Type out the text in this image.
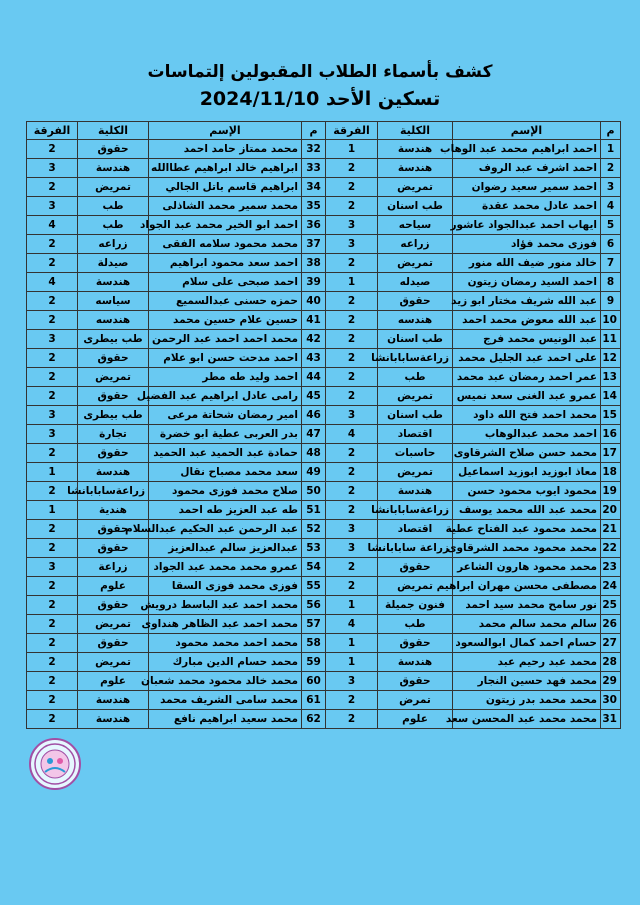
كشف بأسماء الطلاب المقبولين إلتماسات
تسكين الأحد 2024/11/10
م	الإسم	الكلية	الفرقة	م	الإسم	الكلية	الفرقة
1	احمد ابراهيم محمد عبد الوهاب	هندسة	1	32	محمد ممتاز حامد احمد	حقوق	2
2	احمد اشرف عبد الروف	هندسة	2	33	ابراهيم خالد ابراهيم عطاالله	هندسة	3
3	احمد سمير سعيد رضوان	تمريض	2	34	ابراهيم قاسم باتل الجالي	تمريض	2
4	احمد عادل محمد عقدة	طب اسنان	2	35	محمد سمير محمد الشاذلى	طب	3
5	ايهاب احمد عبدالجواد عاشور	سياحه	3	36	احمد ابو الخير محمد عبد الجواد	طب	4
6	فوزى محمد فؤاد	زراعه	3	37	محمد محمود سلامه الفقى	زراعه	2
7	خالد منور ضيف الله منور	تمريض	2	38	احمد سعد محمود ابراهيم	صيدلة	2
8	احمد السيد رمضان زيتون	صيدله	1	39	احمد صبحى على سلام	هندسة	4
9	عبد الله شريف مختار ابو زيد	حقوق	2	40	حمزه حسنى عبدالسميع	سياسه	2
10	عبد الله معوض محمد احمد	هندسه	2	41	حسين علام حسين محمد	هندسه	2
11	عبد الونيس محمد فرج	طب اسنان	2	42	محمد احمد احمد عبد الرحمن	طب بيطرى	3
12	على احمد عبد الجليل محمد	زراعةسابابانشا	2	43	احمد مدحت حسن ابو علام	حقوق	2
13	عمر احمد رمضان عبد محمد	طب	2	44	احمد وليد طه مطر	تمريض	2
14	عمرو عبد الغنى سعد نميس	تمريض	2	45	رامى عادل ابراهيم عبد الفضيل	حقوق	2
15	محمد احمد فتح الله داود	طب اسنان	3	46	امير رمضان شحاتة مرعى	طب بيطرى	3
16	احمد محمد عبدالوهاب	اقتصاد	4	47	بدر العربى عطية ابو خضرة	تجارة	3
17	محمد حسن صلاح الشرقاوى	حاسبات	2	48	حمادة عبد الحميد عبد الحميد	حقوق	2
18	معاذ ابوزيد ابوزيد اسماعيل	تمريض	2	49	سعد محمد مصباح نقال	هندسة	1
19	محمود ايوب محمود حسن	هندسة	2	50	صلاح محمد فوزى محمود	زراعةسابابانشا	2
20	محمد عبد الله محمد يوسف	زراعةسابابانشا	2	51	طه عبد العزيز طه احمد	هندية	1
21	محمد محمود عبد الفتاح عطية	اقتصاد	3	52	عبد الرحمن عبد الحكيم عبدالسلام	حقوق	2
22	محمد محمود محمد الشرقاوى	زراعة سابابانشا	3	53	عبدالعزيز سالم عبدالعزيز	حقوق	2
23	محمد محمود هارون الشاعر	حقوق	2	54	عمرو محمد محمد عبد الجواد	زراعة	3
24	مصطفى محسن مهران ابراهيم	تمريض	2	55	فوزى محمد فوزى السقا	علوم	2
25	نور سامح محمد سيد احمد	فنون جميلة	1	56	محمد احمد عبد الباسط درويش	حقوق	2
26	سالم محمد سالم محمد	طب	4	57	محمد احمد عبد الظاهر هنداوى	تمريض	2
27	حسام احمد كمال ابوالسعود	حقوق	1	58	محمد احمد محمد محمود	حقوق	2
28	محمد عبد رحيم عبد	هندسة	1	59	محمد حسام الدين مبارك	تمريض	2
29	محمد فهد حسين النجار	حقوق	3	60	محمد خالد محمود محمد شعبان	علوم	2
30	محمد محمد بدر زيتون	تمرض	2	61	محمد سامى الشريف محمد	هندسة	2
31	محمد محمد عبد المحسن سعد	علوم	2	62	محمد سعيد ابراهيم نافع	هندسة	2
